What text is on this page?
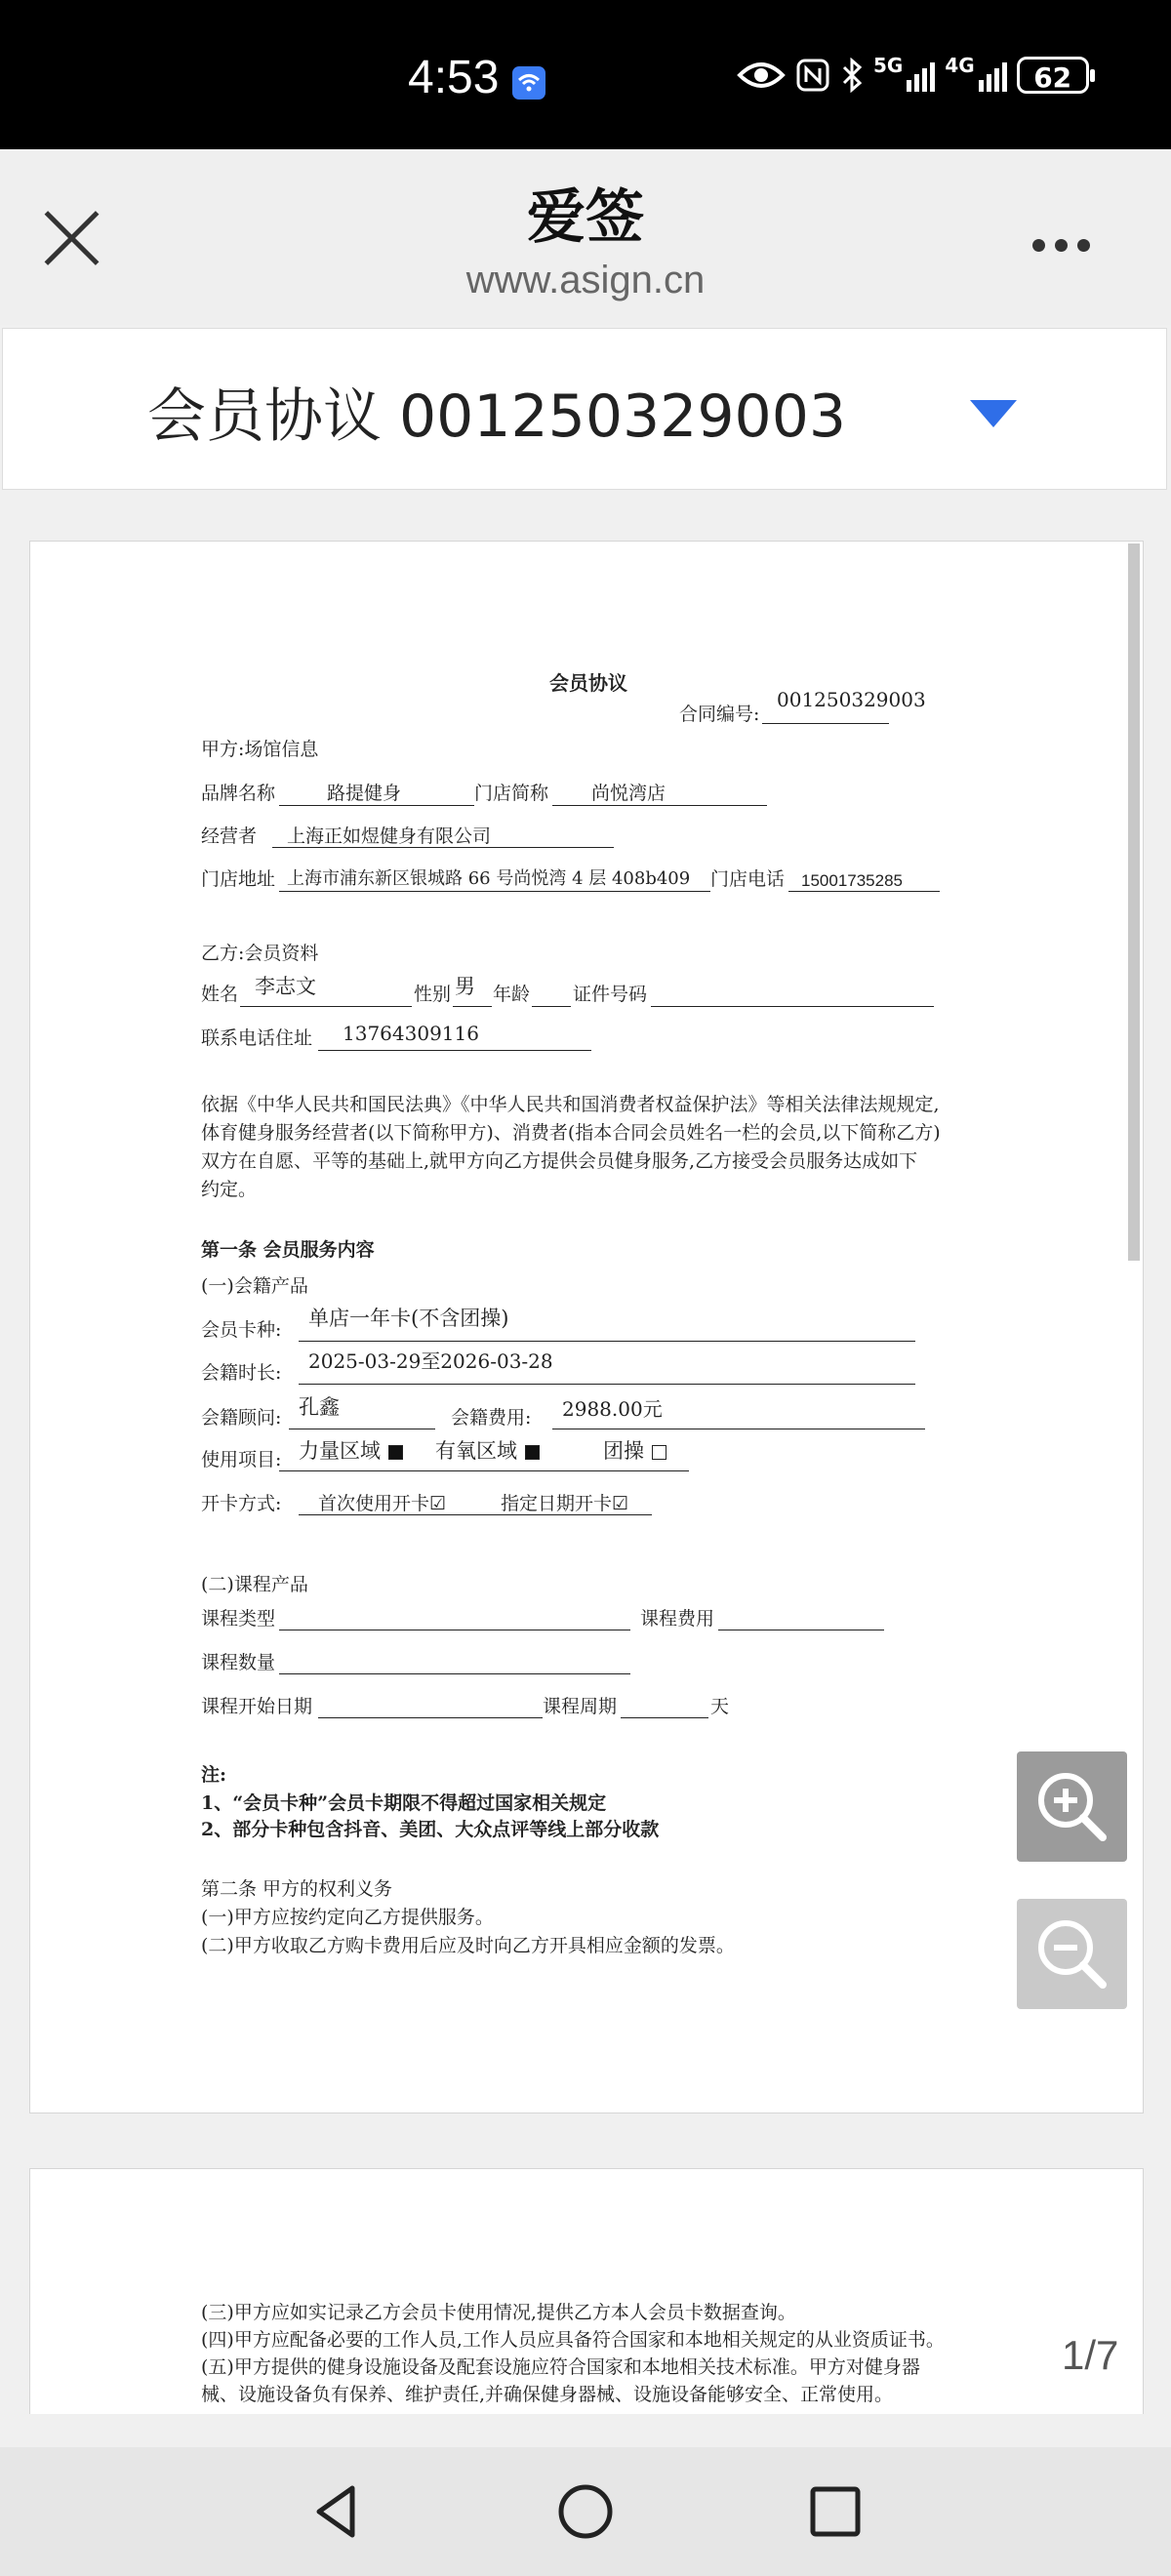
4:53	5G 4G	62
爱签
www.asign.cn
会员协议 001250329003
会员协议
合同编号:
001250329003
甲方:场馆信息
品牌名称	路提健身	门店简称 尚悦湾店
经营者 上海正如煜健身有限公司
门店地址 上海市浦东新区银城路 66 号尚悦湾 4 层 408b409 门店电话 15001735285
乙方:会员资料
姓名 李志文	性别 男 年龄 证件号码
联系电话住址 13764309116
依据《中华人民共和国民法典》《中华人民共和国消费者权益保护法》等相关法律法规规定,
体育健身服务经营者(以下简称甲方)、消费者(指本合同会员姓名一栏的会员,以下简称乙方)
双方在自愿、平等的基础上,就甲方向乙方提供会员健身服务,乙方接受会员服务达成如下
约定。
第一条 会员服务内容
(一)会籍产品
会员卡种: 单店一年卡(不含团操)
会籍时长: 2025-03-29至2026-03-28
会籍顾问: 孔鑫	会籍费用: 2988.00元
使用项目: 力量区域	有氧区域	团操
开卡方式: 首次使用开卡☑	指定日期开卡☑
(二)课程产品
课程类型	课程费用
课程数量
课程开始日期	课程周期	天
注:
1、“会员卡种”会员卡期限不得超过国家相关规定
2、部分卡种包含抖音、美团、大众点评等线上部分收款
第二条 甲方的权利义务
(一)甲方应按约定向乙方提供服务。
(二)甲方收取乙方购卡费用后应及时向乙方开具相应金额的发票。
(三)甲方应如实记录乙方会员卡使用情况,提供乙方本人会员卡数据查询。
(四)甲方应配备必要的工作人员,工作人员应具备符合国家和本地相关规定的从业资质证书。
(五)甲方提供的健身设施设备及配套设施应符合国家和本地相关技术标准。甲方对健身器
械、设施设备负有保养、维护责任,并确保健身器械、设施设备能够安全、正常使用。
1/7
